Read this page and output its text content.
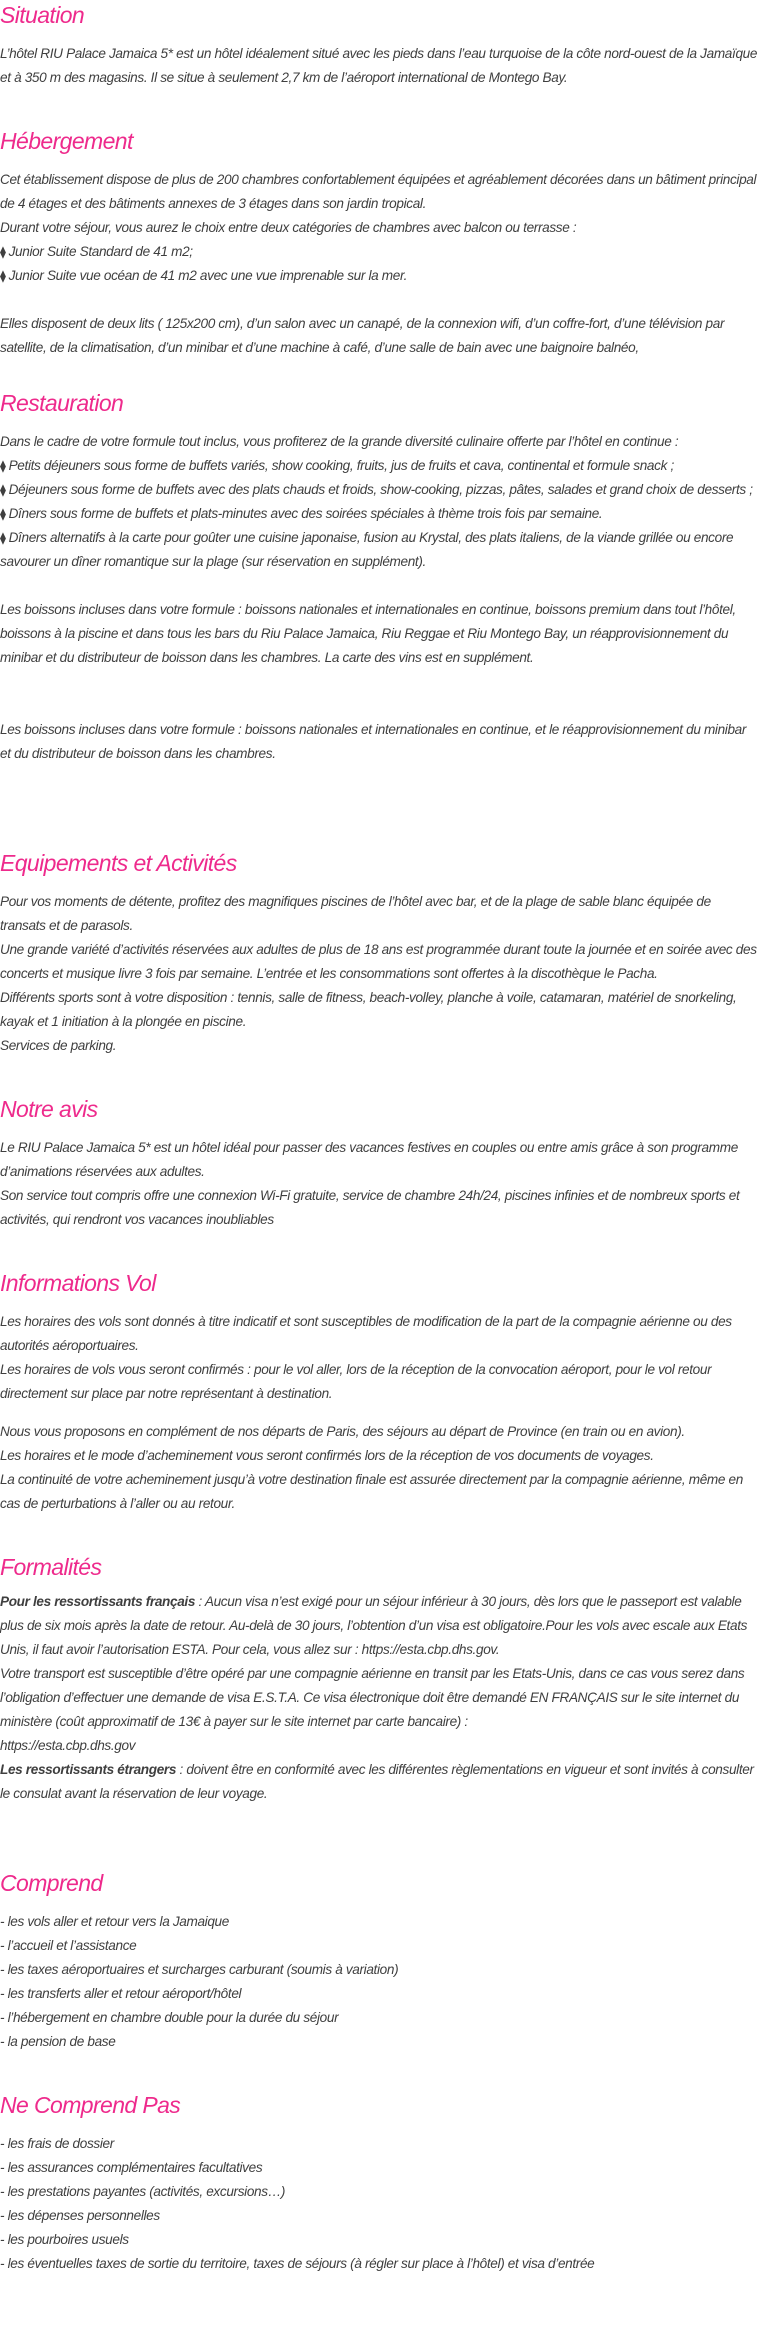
Situation

L’hôtel RIU Palace Jamaica 5* est un hôtel idéalement situé avec les pieds dans l’eau turquoise de la côte nord-ouest de la Jamaïque et à 350 m des magasins. Il se situe à seulement 2,7 km de l’aéroport international de Montego Bay.

Hébergement

Cet établissement dispose de plus de 200 chambres confortablement équipées et agréablement décorées dans un bâtiment principal de 4 étages et des bâtiments annexes de 3 étages dans son jardin tropical.

Durant votre séjour, vous aurez le choix entre deux catégories de chambres avec balcon ou terrasse :

⧫ Junior Suite Standard de 41 m2;

⧫ Junior Suite vue océan de 41 m2 avec une vue imprenable sur la mer.

Elles disposent de deux lits ( 125x200 cm), d’un salon avec un canapé, de la connexion wifi, d’un coffre-fort, d’une télévision par satellite, de la climatisation, d’un minibar et d’une machine à café, d’une salle de bain avec une baignoire balnéo,

Restauration

Dans le cadre de votre formule tout inclus, vous profiterez de la grande diversité culinaire offerte par l’hôtel en continue :

⧫ Petits déjeuners sous forme de buffets variés, show cooking, fruits, jus de fruits et cava, continental et formule snack ;

⧫ Déjeuners sous forme de buffets avec des plats chauds et froids, show-cooking, pizzas, pâtes, salades et grand choix de desserts ;

⧫ Dîners sous forme de buffets et plats-minutes avec des soirées spéciales à thème trois fois par semaine.

⧫ Dîners alternatifs à la carte pour goûter une cuisine japonaise, fusion au Krystal, des plats italiens, de la viande grillée ou encore savourer un dîner romantique sur la plage (sur réservation en supplément).

Les boissons incluses dans votre formule : boissons nationales et internationales en continue, boissons premium dans tout l’hôtel, boissons à la piscine et dans tous les bars du Riu Palace Jamaica, Riu Reggae et Riu Montego Bay, un réapprovisionnement du minibar et du distributeur de boisson dans les chambres. La carte des vins est en supplément.

Les boissons incluses dans votre formule : boissons nationales et internationales en continue, et le réapprovisionnement du minibar et du distributeur de boisson dans les chambres.

Equipements et Activités

Pour vos moments de détente, profitez des magnifiques piscines de l’hôtel avec bar, et de la plage de sable blanc équipée de transats et de parasols.

Une grande variété d’activités réservées aux adultes de plus de 18 ans est programmée durant toute la journée et en soirée avec des concerts et musique livre 3 fois par semaine. L’entrée et les consommations sont offertes à la discothèque le Pacha.

Différents sports sont à votre disposition : tennis, salle de fitness, beach-volley, planche à voile, catamaran, matériel de snorkeling, kayak et 1 initiation à la plongée en piscine.

Services de parking.

Notre avis

Le RIU Palace Jamaica 5* est un hôtel idéal pour passer des vacances festives en couples ou entre amis grâce à son programme d’animations réservées aux adultes.

Son service tout compris offre une connexion Wi-Fi gratuite, service de chambre 24h/24, piscines infinies et de nombreux sports et activités, qui rendront vos vacances inoubliables

Informations Vol

Les horaires des vols sont donnés à titre indicatif et sont susceptibles de modification de la part de la compagnie aérienne ou des autorités aéroportuaires.

Les horaires de vols vous seront confirmés : pour le vol aller, lors de la réception de la convocation aéroport, pour le vol retour directement sur place par notre représentant à destination.

Nous vous proposons en complément de nos départs de Paris, des séjours au départ de Province (en train ou en avion).

Les horaires et le mode d’acheminement vous seront confirmés lors de la réception de vos documents de voyages.

La continuité de votre acheminement jusqu’à votre destination finale est assurée directement par la compagnie aérienne, même en cas de perturbations à l’aller ou au retour.

Formalités

Pour les ressortissants français : Aucun visa n’est exigé pour un séjour inférieur à 30 jours, dès lors que le passeport est valable plus de six mois après la date de retour. Au-delà de 30 jours, l’obtention d’un visa est obligatoire.Pour les vols avec escale aux Etats Unis, il faut avoir l’autorisation ESTA. Pour cela, vous allez sur : https://esta.cbp.dhs.gov.

Votre transport est susceptible d’être opéré par une compagnie aérienne en transit par les Etats-Unis, dans ce cas vous serez dans l’obligation d’effectuer une demande de visa E.S.T.A. Ce visa électronique doit être demandé EN FRANÇAIS sur le site internet du ministère (coût approximatif de 13€ à payer sur le site internet par carte bancaire) :

https://esta.cbp.dhs.gov

Les ressortissants étrangers : doivent être en conformité avec les différentes règlementations en vigueur et sont invités à consulter le consulat avant la réservation de leur voyage.

Comprend

- les vols aller et retour vers la Jamaique

- l’accueil et l’assistance

- les taxes aéroportuaires et surcharges carburant (soumis à variation)

- les transferts aller et retour aéroport/hôtel

- l’hébergement en chambre double pour la durée du séjour

- la pension de base

Ne Comprend Pas

- les frais de dossier

- les assurances complémentaires facultatives

- les prestations payantes (activités, excursions…)

- les dépenses personnelles

- les pourboires usuels

- les éventuelles taxes de sortie du territoire, taxes de séjours (à régler sur place à l’hôtel) et visa d’entrée
